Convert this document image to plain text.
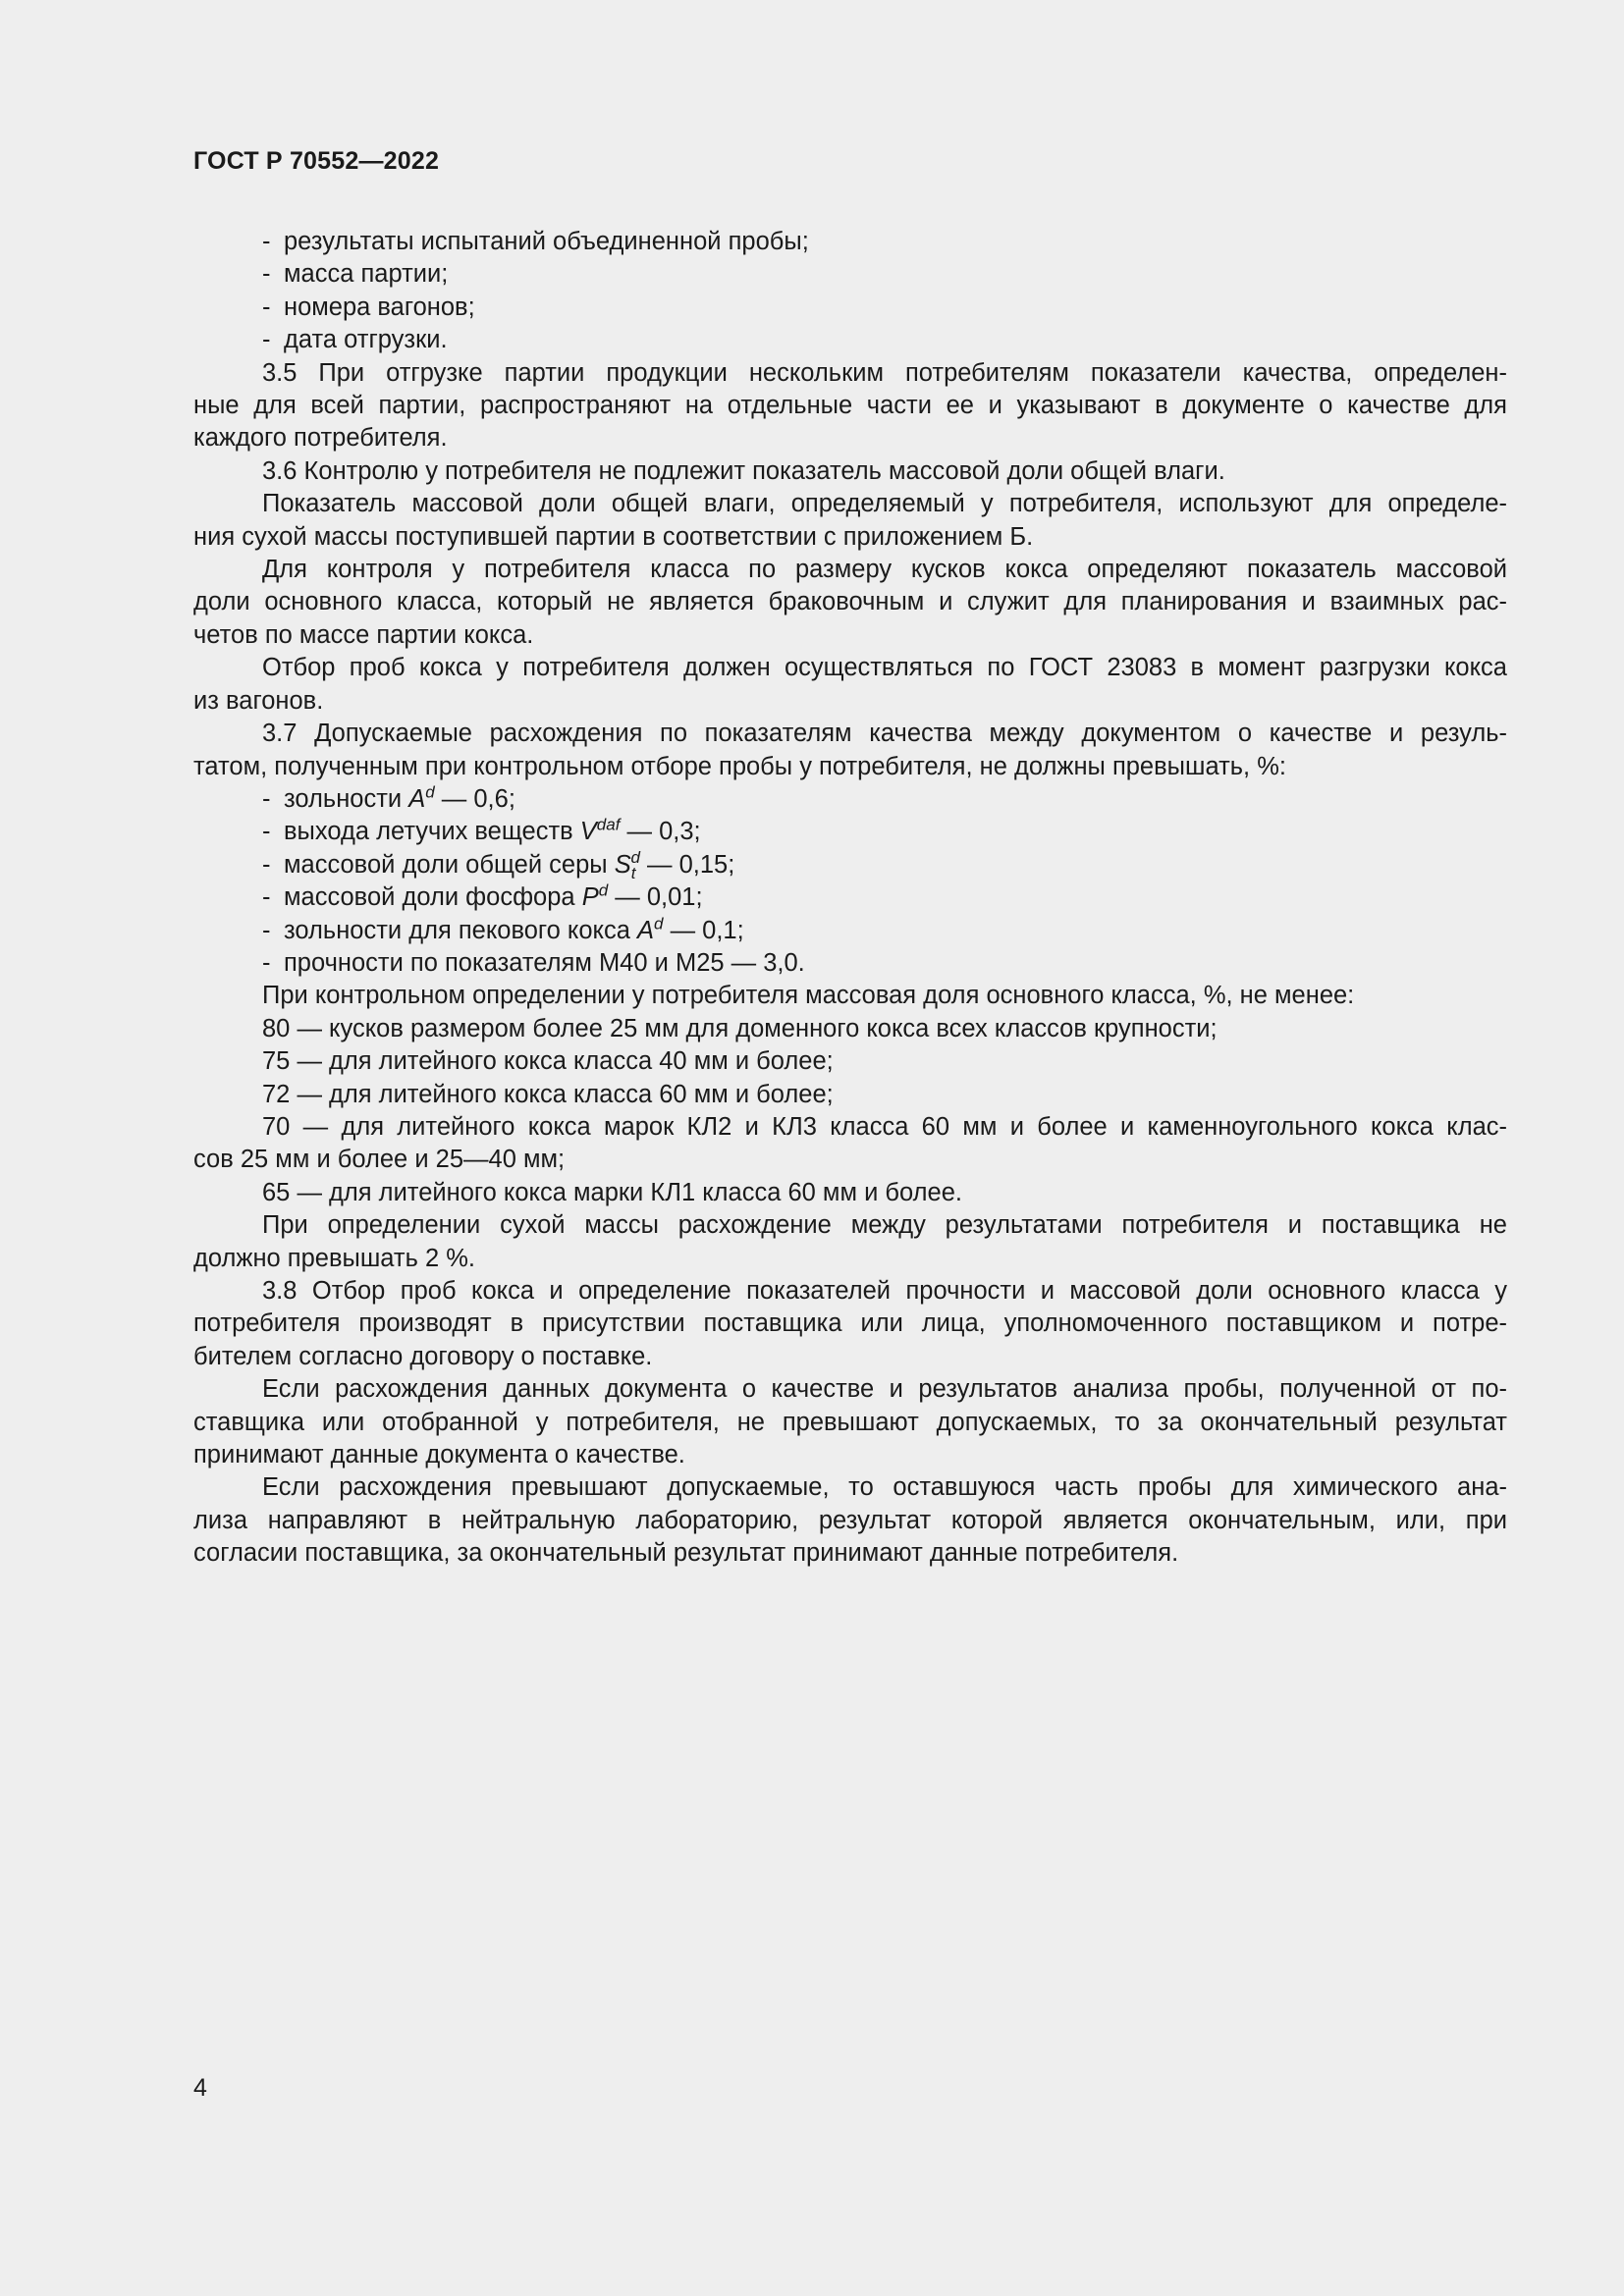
ГОСТ Р 70552—2022
- результаты испытаний объединенной пробы;
- масса партии;
- номера вагонов;
- дата отгрузки.
3.5 При отгрузке партии продукции нескольким потребителям показатели качества, определен-
ные для всей партии, распространяют на отдельные части ее и указывают в документе о качестве для
каждого потребителя.
3.6 Контролю у потребителя не подлежит показатель массовой доли общей влаги.
Показатель массовой доли общей влаги, определяемый у потребителя, используют для определе-
ния сухой массы поступившей партии в соответствии с приложением Б.
Для контроля у потребителя класса по размеру кусков кокса определяют показатель массовой
доли основного класса, который не является браковочным и служит для планирования и взаимных рас-
четов по массе партии кокса.
Отбор проб кокса у потребителя должен осуществляться по ГОСТ 23083 в момент разгрузки кокса
из вагонов.
3.7 Допускаемые расхождения по показателям качества между документом о качестве и резуль-
татом, полученным при контрольном отборе пробы у потребителя, не должны превышать, %:
- зольности $A^d$ — 0,6;
- выхода летучих веществ $V^{daf}$ — 0,3;
- массовой доли общей серы $S_t^d$ — 0,15;
- массовой доли фосфора $P^d$ — 0,01;
- зольности для пекового кокса $A^d$ — 0,1;
- прочности по показателям М40 и М25 — 3,0.
При контрольном определении у потребителя массовая доля основного класса, %, не менее:
80 — кусков размером более 25 мм для доменного кокса всех классов крупности;
75 — для литейного кокса класса 40 мм и более;
72 — для литейного кокса класса 60 мм и более;
70 — для литейного кокса марок КЛ2 и КЛ3 класса 60 мм и более и каменноугольного кокса клас-
сов 25 мм и более и 25—40 мм;
65 — для литейного кокса марки КЛ1 класса 60 мм и более.
При определении сухой массы расхождение между результатами потребителя и поставщика не
должно превышать 2 %.
3.8 Отбор проб кокса и определение показателей прочности и массовой доли основного класса у
потребителя производят в присутствии поставщика или лица, уполномоченного поставщиком и потре-
бителем согласно договору о поставке.
Если расхождения данных документа о качестве и результатов анализа пробы, полученной от по-
ставщика или отобранной у потребителя, не превышают допускаемых, то за окончательный результат
принимают данные документа о качестве.
Если расхождения превышают допускаемые, то оставшуюся часть пробы для химического ана-
лиза направляют в нейтральную лабораторию, результат которой является окончательным, или, при
согласии поставщика, за окончательный результат принимают данные потребителя.
4
